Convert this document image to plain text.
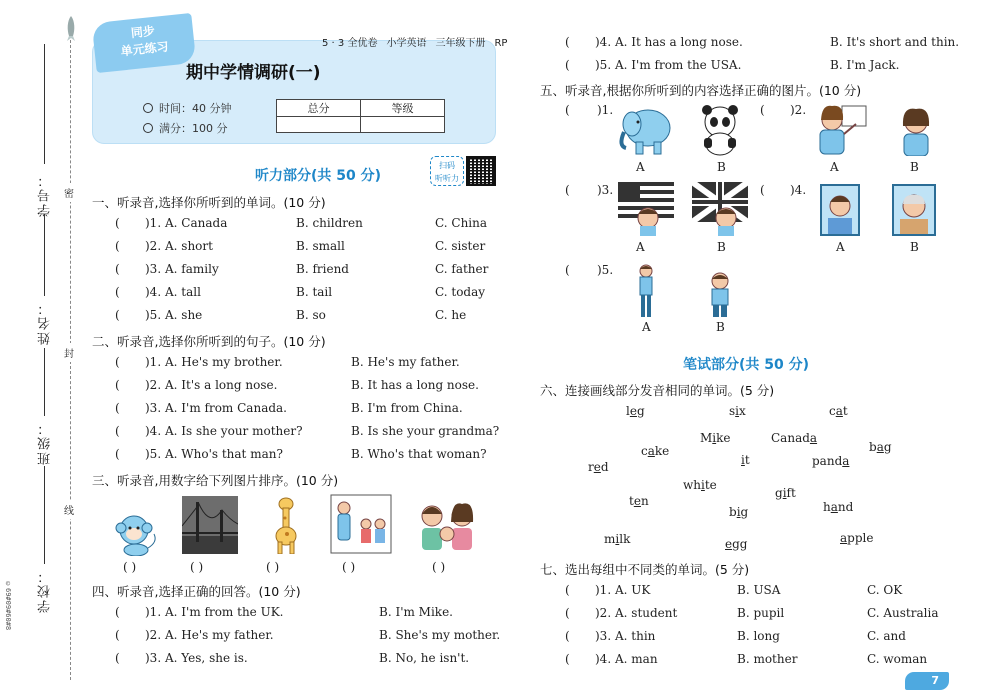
密
封
线
学号：
姓名：
班级：
学校：
©69#09#60#8
同步
单元练习	5 · 3 全优卷 小学英语 三年级下册 RP
期中学情调研(一)
时间：40 分钟
满分：100 分
总分	等级

听力部分(共 50 分)
扫码
听听力
一、听录音,选择你所听到的单词。(10 分)
( )1. A. Canada	B. children	C. China
( )2. A. short	B. small	C. sister
( )3. A. family	B. friend	C. father
( )4. A. tall	B. tail	C. today
( )5. A. she	B. so	C. he
二、听录音,选择你所听到的句子。(10 分)
( )1. A. He's my brother.	B. He's my father.
( )2. A. It's a long nose.	B. It has a long nose.
( )3. A. I'm from Canada.	B. I'm from China.
( )4. A. Is she your mother?	B. Is she your grandma?
( )5. A. Who's that man?	B. Who's that woman?
三、听录音,用数字给下列图片排序。(10 分)
( )	( )	( )	( )	( )
四、听录音,选择正确的回答。(10 分)
( )1. A. I'm from the UK.	B. I'm Mike.
( )2. A. He's my father.	B. She's my mother.
( )3. A. Yes, she is.	B. No, he isn't.
( )4. A. It has a long nose.	B. It's short and thin.
( )5. A. I'm from the USA.	B. I'm Jack.
五、听录音,根据你所听到的内容选择正确的图片。(10 分)
( )1.
A	B
( )2.
A	B
( )3.
A	B
( )4.
A	B
( )5.
A	B
笔试部分(共 50 分)
六、连接画线部分发音相同的单词。(5 分)
leg	six	cat
Mike	Canada
cake	bag
red	it	panda
white
ten
gift
hand
big
milk	egg	apple
七、选出每组中不同类的单词。(5 分)
( )1. A. UK	B. USA	C. OK
( )2. A. student	B. pupil	C. Australia
( )3. A. thin	B. long	C. and
( )4. A. man	B. mother	C. woman
7
